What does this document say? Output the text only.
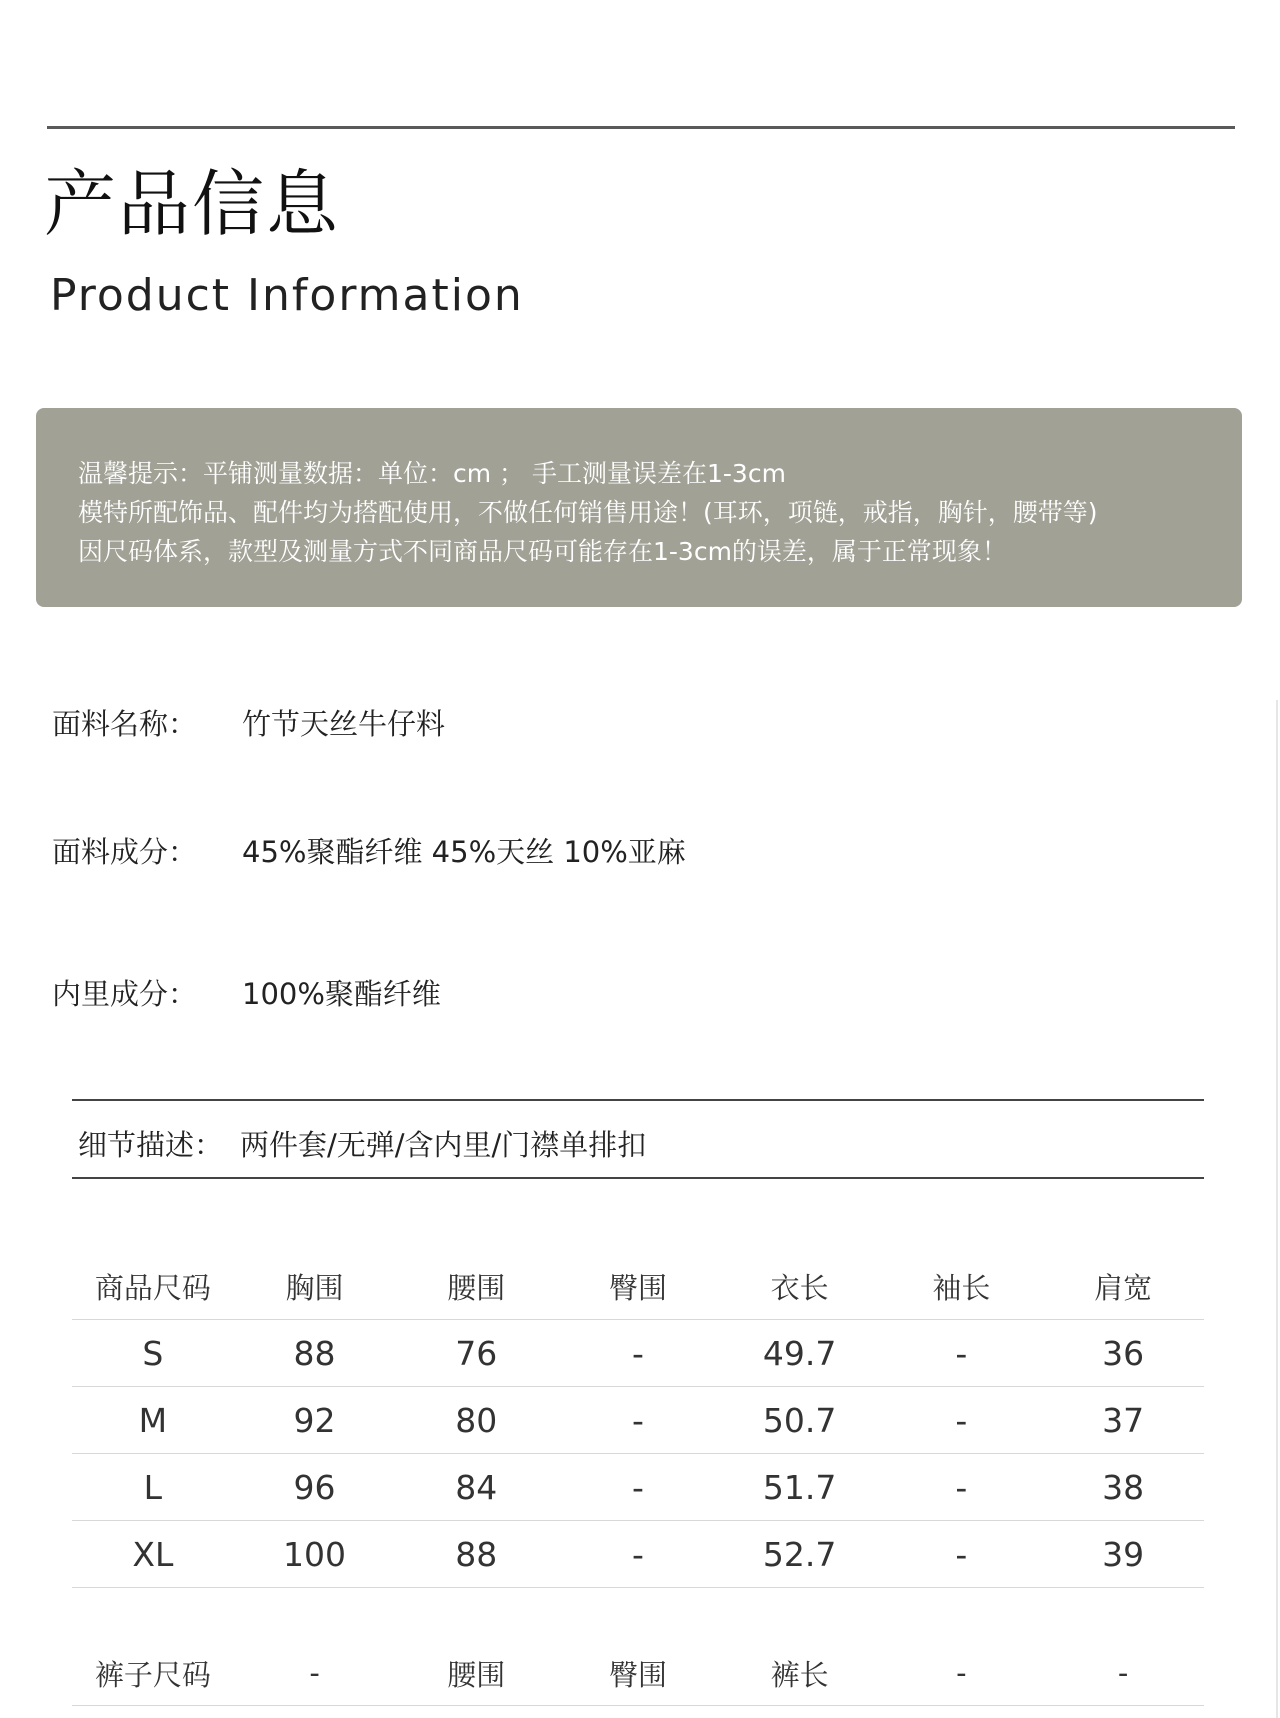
产品信息
Product Information
温馨提示：平铺测量数据：单位：cm ； 手工测量误差在1-3cm
模特所配饰品、配件均为搭配使用，不做任何销售用途！(耳环，项链，戒指，胸针，腰带等)
因尺码体系，款型及测量方式不同商品尺码可能存在1-3cm的误差，属于正常现象！
面料名称： 竹节天丝牛仔料
面料成分： 45%聚酯纤维 45%天丝 10%亚麻
内里成分： 100%聚酯纤维
细节描述： 两件套/无弹/含内里/门襟单排扣
商品尺码	胸围	腰围	臀围	衣长	袖长	肩宽
S	88	76	-	49.7	-	36
M	92	80	-	50.7	-	37
L	96	84	-	51.7	-	38
XL	100	88	-	52.7	-	39
裤子尺码	-	腰围	臀围	裤长	-	-
